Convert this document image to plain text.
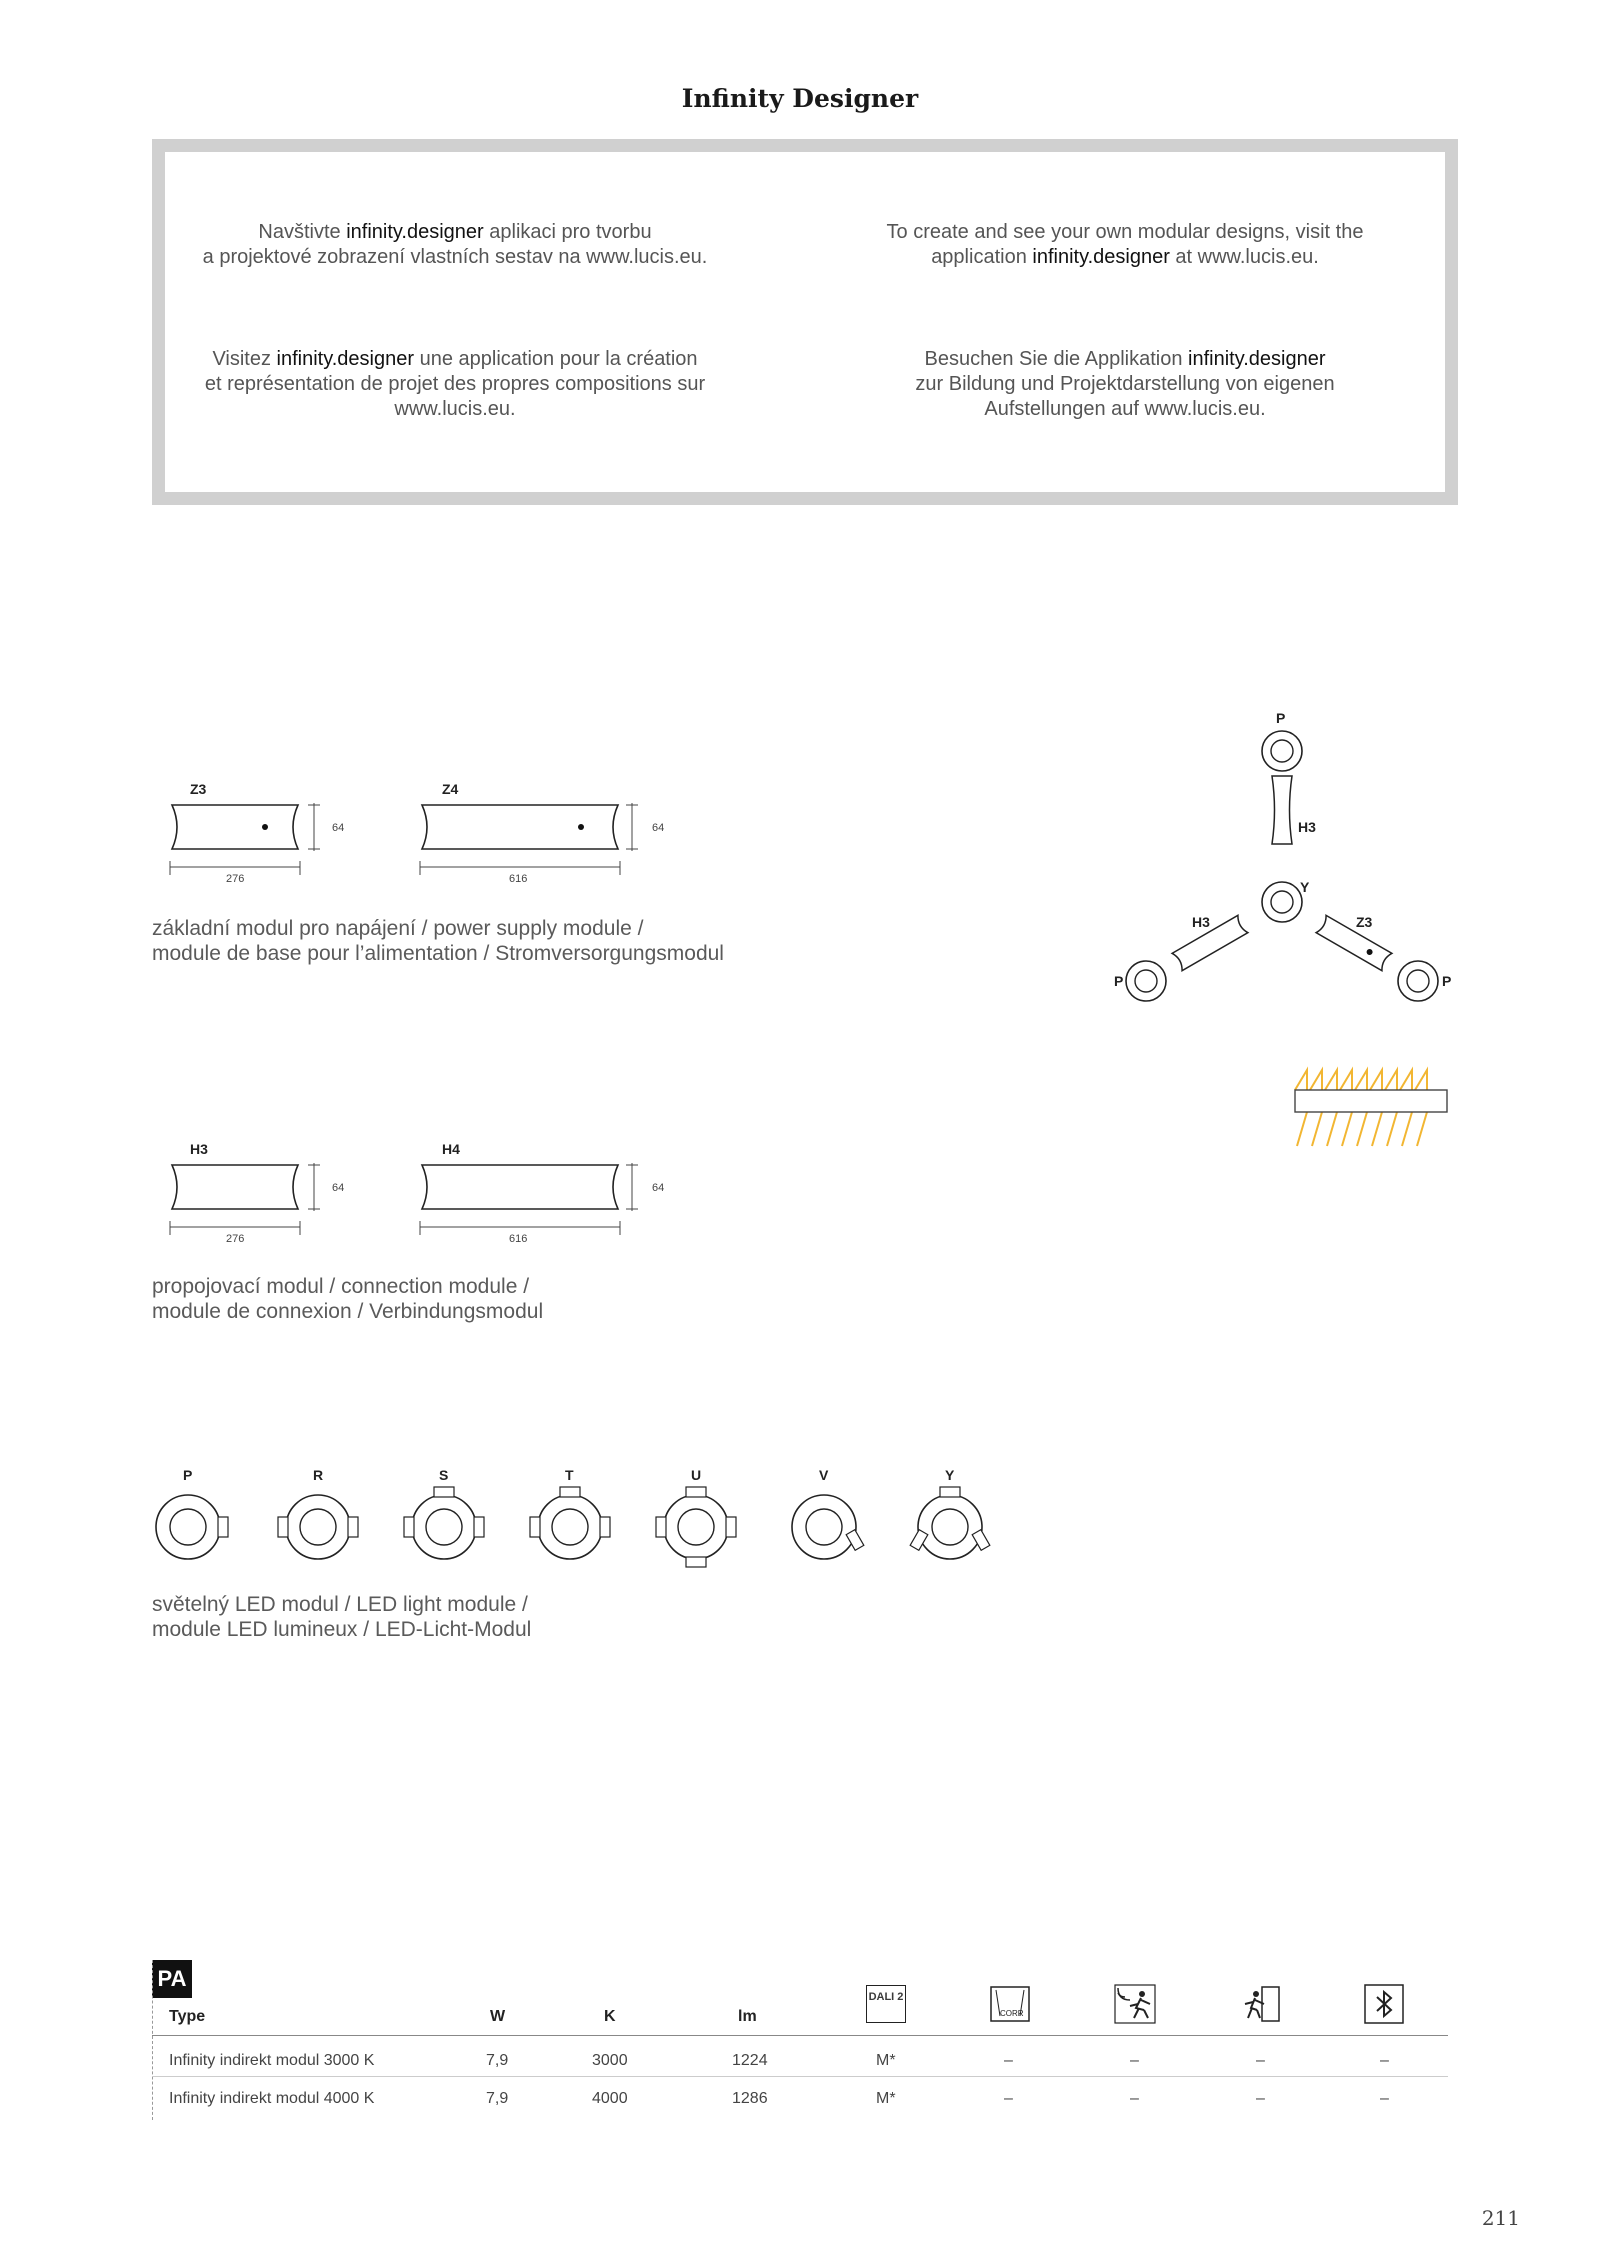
Infinity Designer
Navštivte infinity.designer aplikaci pro tvorbu
a projektové zobrazení vlastních sestav na www.lucis.eu.
To create and see your own modular designs, visit the
application infinity.designer at www.lucis.eu.
Visitez infinity.designer une application pour la création
et représentation de projet des propres compositions sur
www.lucis.eu.
Besuchen Sie die Applikation infinity.designer
zur Bildung und Projektdarstellung von eigenen
Aufstellungen auf www.lucis.eu.
Z3
64
276
Z4
64
616
základní modul pro napájení / power supply module /
module de base pour l’alimentation / Stromversorgungsmodul
H3
64
276
H4
64
616
propojovací modul / connection module /
module de connexion / Verbindungsmodul
P	R	S	T	U	V	Y
světelný LED modul / LED light module /
module LED lumineux / LED-Licht-Modul
P
H3
Y
H3	Z3
P	P
PA
Type	W	K	lm
DALI 2
CORR
Infinity indirekt modul 3000 K	7,9	3000	1224	M*	–	–	–	–
Infinity indirekt modul 4000 K	7,9	4000	1286	M*	–	–	–	–
211
